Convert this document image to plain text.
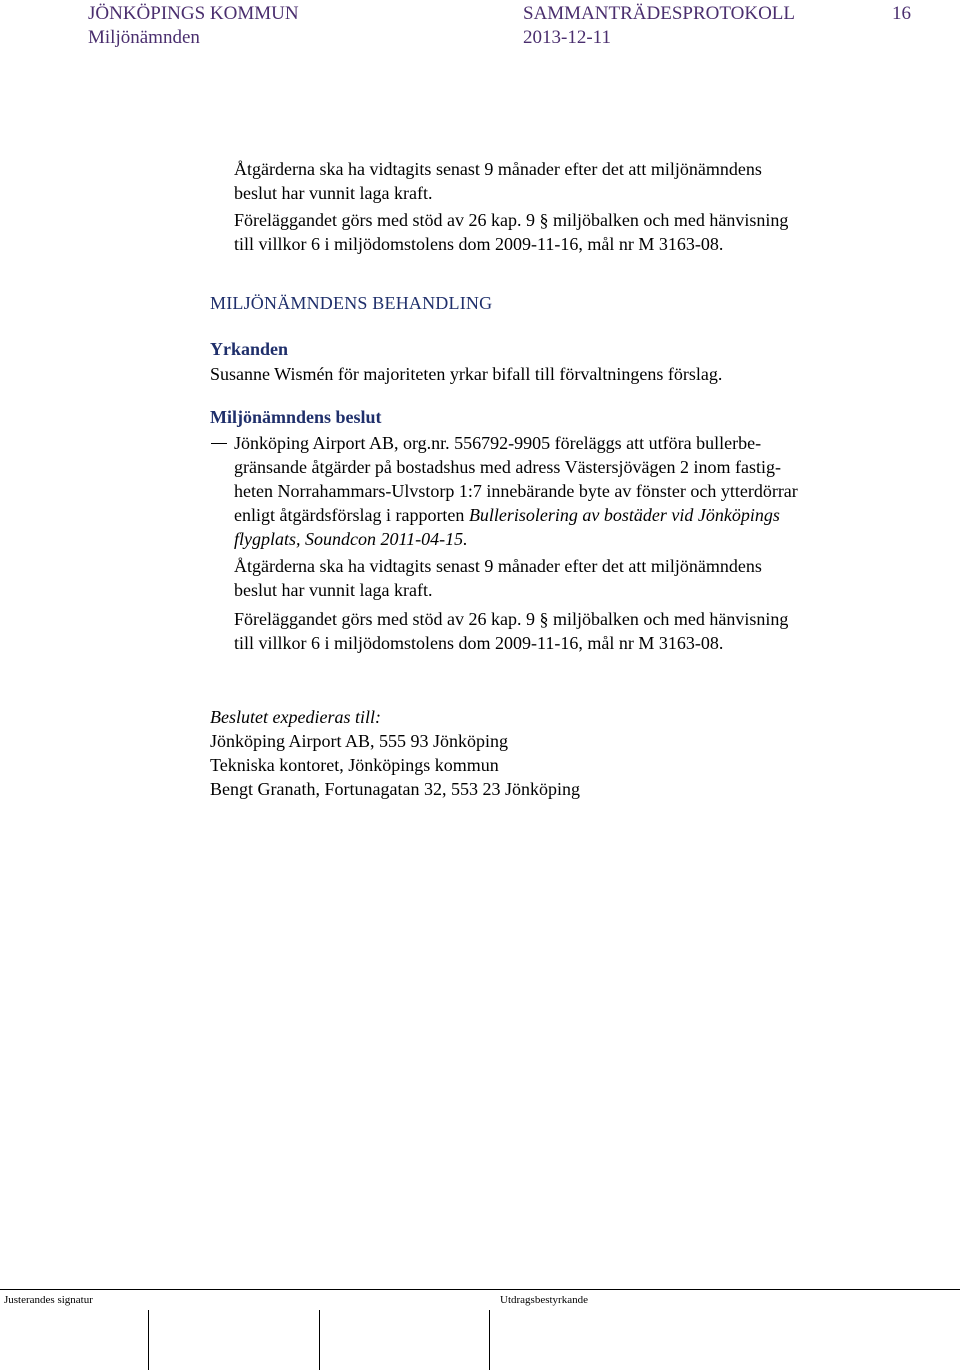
JÖNKÖPINGS KOMMUN	SAMMANTRÄDESPROTOKOLL	16
Miljönämnden	2013-12-11
Åtgärderna ska ha vidtagits senast 9 månader efter det att miljönämndens
beslut har vunnit laga kraft.
Föreläggandet görs med stöd av 26 kap. 9 § miljöbalken och med hänvisning
till villkor 6 i miljödomstolens dom 2009-11-16, mål nr M 3163-08.
MILJÖNÄMNDENS BEHANDLING
Yrkanden
Susanne Wismén för majoriteten yrkar bifall till förvaltningens förslag.
Miljönämndens beslut
Jönköping Airport AB, org.nr. 556792-9905 föreläggs att utföra bullerbe-
gränsande åtgärder på bostadshus med adress Västersjövägen 2 inom fastig-
heten Norrahammars-Ulvstorp 1:7 innebärande byte av fönster och ytterdörrar
enligt åtgärdsförslag i rapporten Bullerisolering av bostäder vid Jönköpings
flygplats, Soundcon 2011-04-15.
Åtgärderna ska ha vidtagits senast 9 månader efter det att miljönämndens
beslut har vunnit laga kraft.
Föreläggandet görs med stöd av 26 kap. 9 § miljöbalken och med hänvisning
till villkor 6 i miljödomstolens dom 2009-11-16, mål nr M 3163-08.
Beslutet expedieras till:
Jönköping Airport AB, 555 93 Jönköping
Tekniska kontoret, Jönköpings kommun
Bengt Granath, Fortunagatan 32, 553 23 Jönköping
Justerandes signatur	Utdragsbestyrkande
